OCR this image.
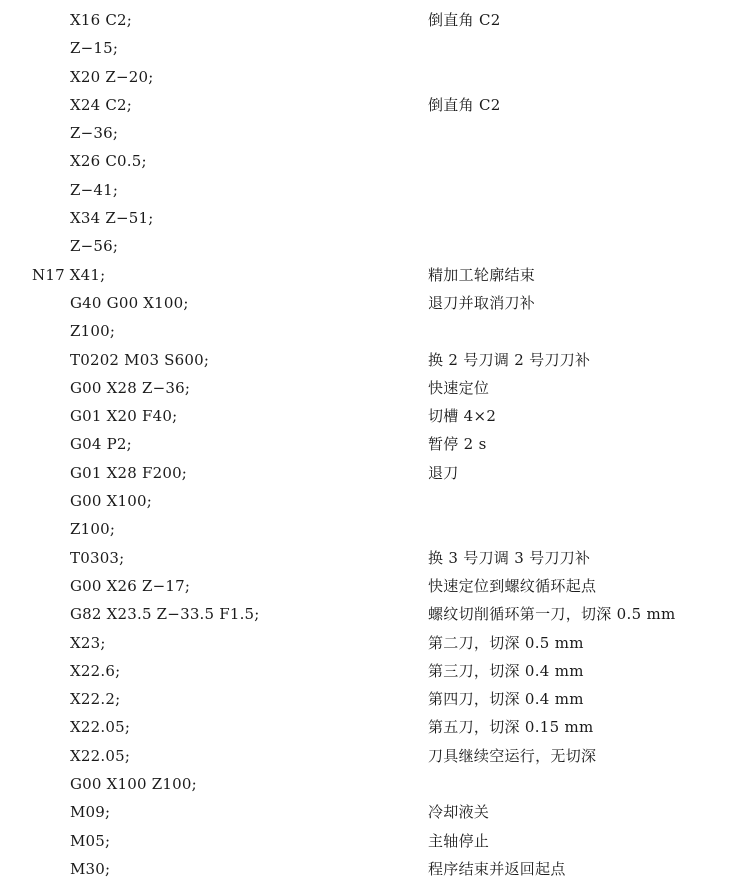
X16 C2;	倒直角 C2
Z−15;
X20 Z−20;
X24 C2;	倒直角 C2
Z−36;
X26 C0.5;
Z−41;
X34 Z−51;
Z−56;
N17 X41;	精加工轮廓结束
G40 G00 X100;	退刀并取消刀补
Z100;
T0202 M03 S600;	换 2 号刀调 2 号刀刀补
G00 X28 Z−36;	快速定位
G01 X20 F40;	切槽 4×2
G04 P2;	暂停 2 s
G01 X28 F200;	退刀
G00 X100;
Z100;
T0303;	换 3 号刀调 3 号刀刀补
G00 X26 Z−17;	快速定位到螺纹循环起点
G82 X23.5 Z−33.5 F1.5;	螺纹切削循环第一刀，切深 0.5 mm
X23;	第二刀，切深 0.5 mm
X22.6;	第三刀，切深 0.4 mm
X22.2;	第四刀，切深 0.4 mm
X22.05;	第五刀，切深 0.15 mm
X22.05;	刀具继续空运行，无切深
G00 X100 Z100;
M09;	冷却液关
M05;	主轴停止
M30;	程序结束并返回起点
